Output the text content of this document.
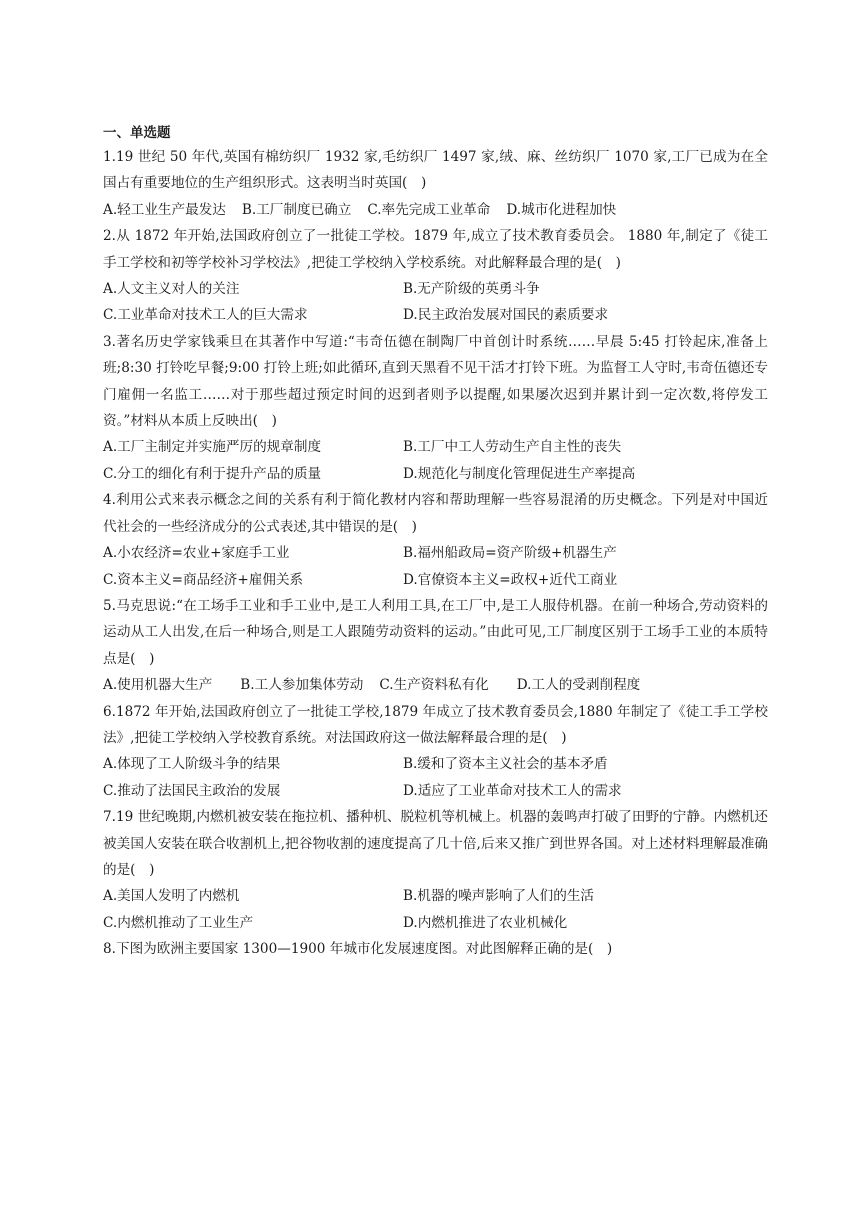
一、单选题

1.19 世纪 50 年代,英国有棉纺织厂 1932 家,毛纺织厂 1497 家,绒、麻、丝纺织厂 1070 家,工厂已成为在全国占有重要地位的生产组织形式。这表明当时英国(　)

A.轻工业生产最发达 B.工厂制度已确立 C.率先完成工业革命 D.城市化进程加快

2.从 1872 年开始,法国政府创立了一批徒工学校。1879 年,成立了技术教育委员会。 1880 年,制定了《徒工手工学校和初等学校补习学校法》,把徒工学校纳入学校系统。对此解释最合理的是(　)

A.人文主义对人的关注	B.无产阶级的英勇斗争
C.工业革命对技术工人的巨大需求	D.民主政治发展对国民的素质要求

3.著名历史学家钱乘旦在其著作中写道:“韦奇伍德在制陶厂中首创计时系统……早晨 5:45 打铃起床,准备上班;8:30 打铃吃早餐;9:00 打铃上班;如此循环,直到天黑看不见干活才打铃下班。为监督工人守时,韦奇伍德还专门雇佣一名监工……对于那些超过预定时间的迟到者则予以提醒,如果屡次迟到并累计到一定次数,将停发工资。”材料从本质上反映出(　)

A.工厂主制定并实施严厉的规章制度	B.工厂中工人劳动生产自主性的丧失
C.分工的细化有利于提升产品的质量	D.规范化与制度化管理促进生产率提高

4.利用公式来表示概念之间的关系有利于简化教材内容和帮助理解一些容易混淆的历史概念。下列是对中国近代社会的一些经济成分的公式表述,其中错误的是(　)

A.小农经济=农业+家庭手工业	B.福州船政局=资产阶级+机器生产
C.资本主义=商品经济+雇佣关系	D.官僚资本主义=政权+近代工商业

5.马克思说:“在工场手工业和手工业中,是工人利用工具,在工厂中,是工人服侍机器。在前一种场合,劳动资料的运动从工人出发,在后一种场合,则是工人跟随劳动资料的运动。”由此可见,工厂制度区别于工场手工业的本质特点是(　)

A.使用机器大生产 B.工人参加集体劳动 C.生产资料私有化 D.工人的受剥削程度

6.1872 年开始,法国政府创立了一批徒工学校,1879 年成立了技术教育委员会,1880 年制定了《徒工手工学校法》,把徒工学校纳入学校教育系统。对法国政府这一做法解释最合理的是(　)

A.体现了工人阶级斗争的结果	B.缓和了资本主义社会的基本矛盾
C.推动了法国民主政治的发展	D.适应了工业革命对技术工人的需求

7.19 世纪晚期,内燃机被安装在拖拉机、播种机、脱粒机等机械上。机器的轰鸣声打破了田野的宁静。内燃机还被美国人安装在联合收割机上,把谷物收割的速度提高了几十倍,后来又推广到世界各国。对上述材料理解最准确的是(　)

A.美国人发明了内燃机	B.机器的噪声影响了人们的生活
C.内燃机推动了工业生产	D.内燃机推进了农业机械化

8.下图为欧洲主要国家 1300—1900 年城市化发展速度图。对此图解释正确的是(　)
